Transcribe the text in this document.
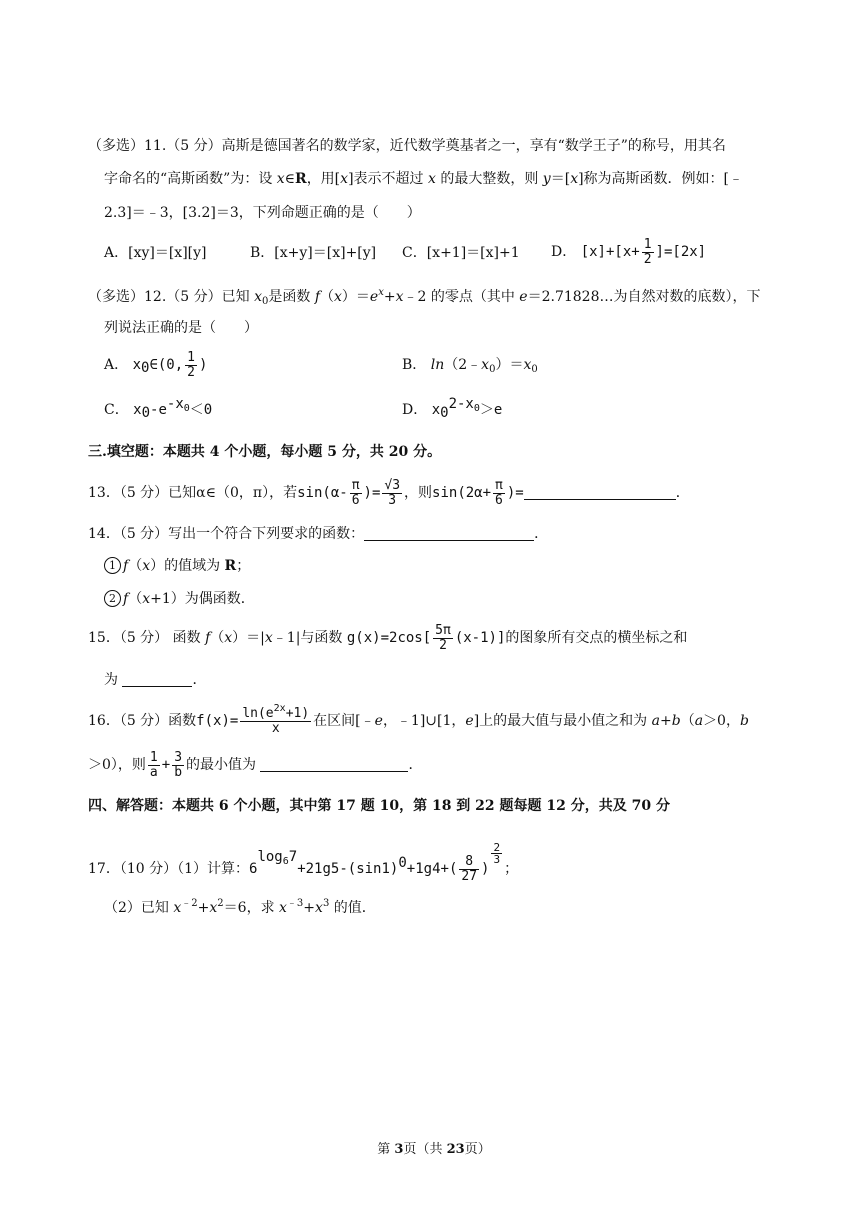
（多选）11.（5 分）高斯是德国著名的数学家，近代数学奠基者之一，享有“数学王子”的称号，用其名
字命名的“高斯函数”为：设 x∈R，用[x]表示不超过 x 的最大整数，则 y＝[x]称为高斯函数．例如：[﹣
2.3]＝﹣3，[3.2]＝3，下列命题正确的是（　　）
A．[xy]＝[x][y]	B．[x+y]＝[x]+[y] C．[x+1]＝[x]+1 D． $[x]+[x+ \frac{1}{2} ]=[2x]$
（多选）12.（5 分）已知 $x_0$是函数 $f(x)=e^x+x﹣2$ 的零点（其中 e＝2.71828…为自然对数的底数），下
列说法正确的是（　　）
A． $x_0\in(0$, $\frac{1}{2}$ )	B． $\ln(2﹣x_0)=x_0$
C． $x_0-e^{-x_0}<0$	D． $x_0^{2-x_0}>e$
三.填空题：本题共 4 个小题，每小题 5 分，共 20 分。
13．（5 分）已知α∈（0，π），若$\sin(\alpha- \frac{\pi}{6}$ )= $\frac{√3}{3}$ ，则$\sin(2\alpha+ \frac{\pi}{6}$ )=	．
14．（5 分）写出一个符合下列要求的函数：	．
1 f（x）的值域为 R；
2 f（x+1）为偶函数．
15．（5 分） 函数 f（x）＝|x﹣1|与函数 $g(x)=2\cos[ \frac{5\pi}{2} (x-1)]$的图象所有交点的横坐标之和
为	．
16．（5 分）函数$f(x)= \frac{\ln(e^{2x}+1)}{x}$ 在区间[﹣e，﹣1]∪[1，e]上的最大值与最小值之和为 a+b（a＞0，b
＞0），则 $\frac{1}{a} + \frac{3}{b}$ 的最小值为	．
四、解答题：本题共 6 个小题，其中第 17 题 10，第 18 到 22 题每题 12 分，共及 70 分
17．（10 分）（1）计算：$6^{log_67}+21g5-(\sin 1)^0+1g4+( \frac{8}{27}$ )
$^{\frac{2}{3}}$
；
（2）已知 $x^{﹣2}+x^2=6$，求 $x^{﹣3}+x^3$ 的值．
第 3页（共 23页）
